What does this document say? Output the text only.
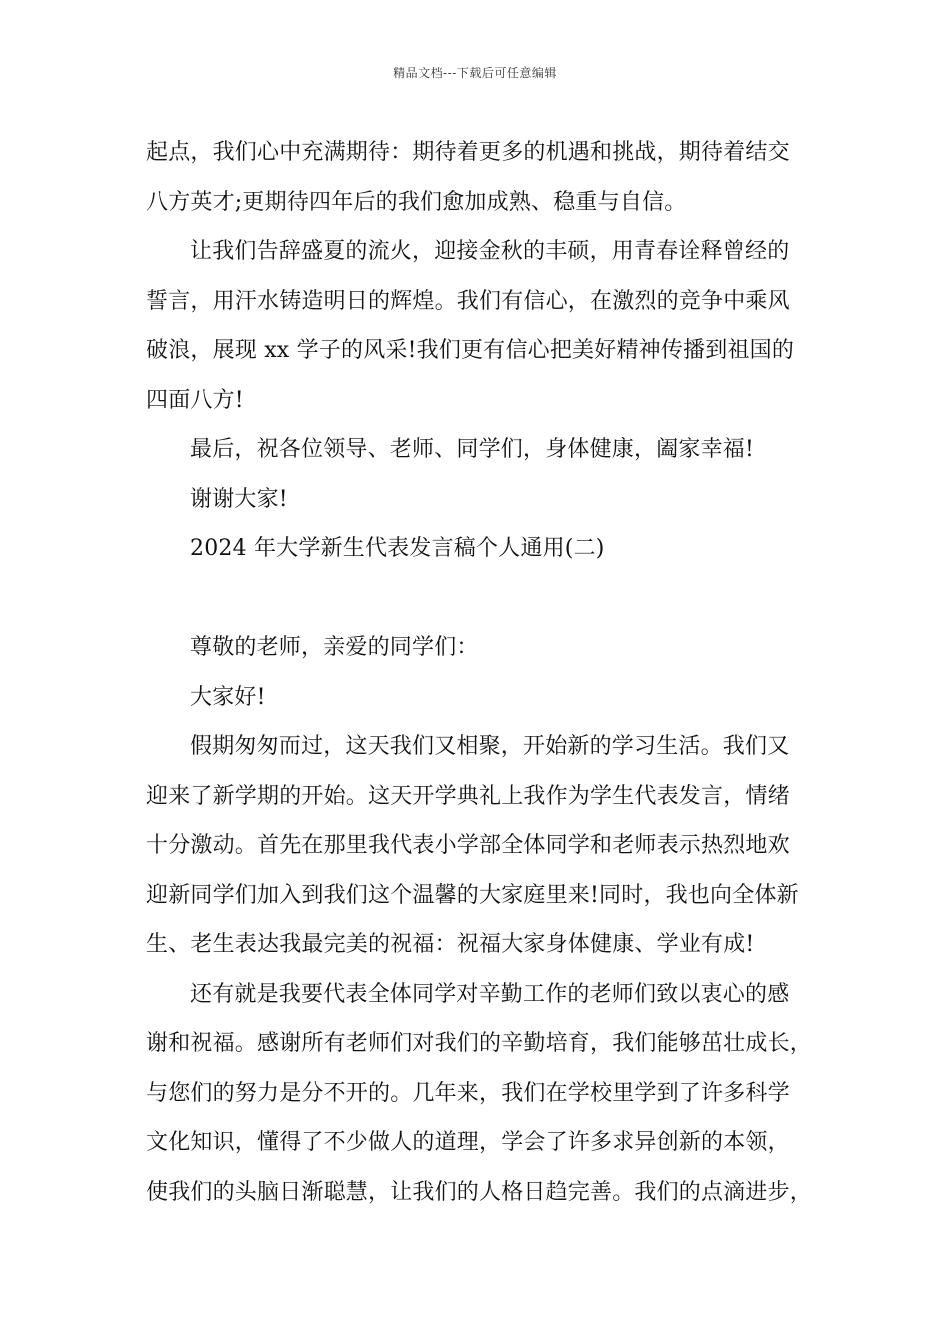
精品文档---下载后可任意编辑
起点，我们心中充满期待：期待着更多的机遇和挑战，期待着结交
八方英才;更期待四年后的我们愈加成熟、稳重与自信。
让我们告辞盛夏的流火，迎接金秋的丰硕，用青春诠释曾经的
誓言，用汗水铸造明日的辉煌。我们有信心，在激烈的竞争中乘风
破浪，展现 xx 学子的风采!我们更有信心把美好精神传播到祖国的
四面八方!
最后，祝各位领导、老师、同学们，身体健康，阖家幸福!
谢谢大家!
2024 年大学新生代表发言稿个人通用(二)
尊敬的老师，亲爱的同学们：
大家好!
假期匆匆而过，这天我们又相聚，开始新的学习生活。我们又
迎来了新学期的开始。这天开学典礼上我作为学生代表发言，情绪
十分激动。首先在那里我代表小学部全体同学和老师表示热烈地欢
迎新同学们加入到我们这个温馨的大家庭里来!同时，我也向全体新
生、老生表达我最完美的祝福：祝福大家身体健康、学业有成!
还有就是我要代表全体同学对辛勤工作的老师们致以衷心的感
谢和祝福。感谢所有老师们对我们的辛勤培育，我们能够茁壮成长，
与您们的努力是分不开的。几年来，我们在学校里学到了许多科学
文化知识，懂得了不少做人的道理，学会了许多求异创新的本领，
使我们的头脑日渐聪慧，让我们的人格日趋完善。我们的点滴进步，
